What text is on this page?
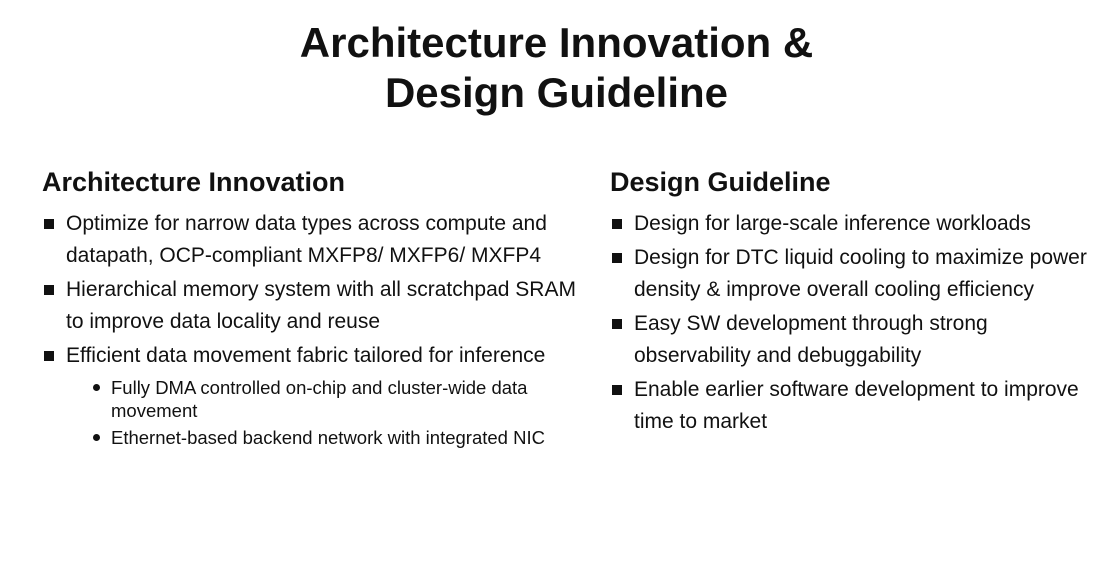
Architecture Innovation &
Design Guideline
Architecture Innovation
Optimize for narrow data types across compute and datapath, OCP-compliant MXFP8/ MXFP6/ MXFP4
Hierarchical memory system with all scratchpad SRAM to improve data locality and reuse
Efficient data movement fabric tailored for inference
Fully DMA controlled on-chip and cluster-wide data movement
Ethernet-based backend network with integrated NIC
Design Guideline
Design for large-scale inference workloads
Design for DTC liquid cooling to maximize power density & improve overall cooling efficiency
Easy SW development through strong observability and debuggability
Enable earlier software development to improve time to market
